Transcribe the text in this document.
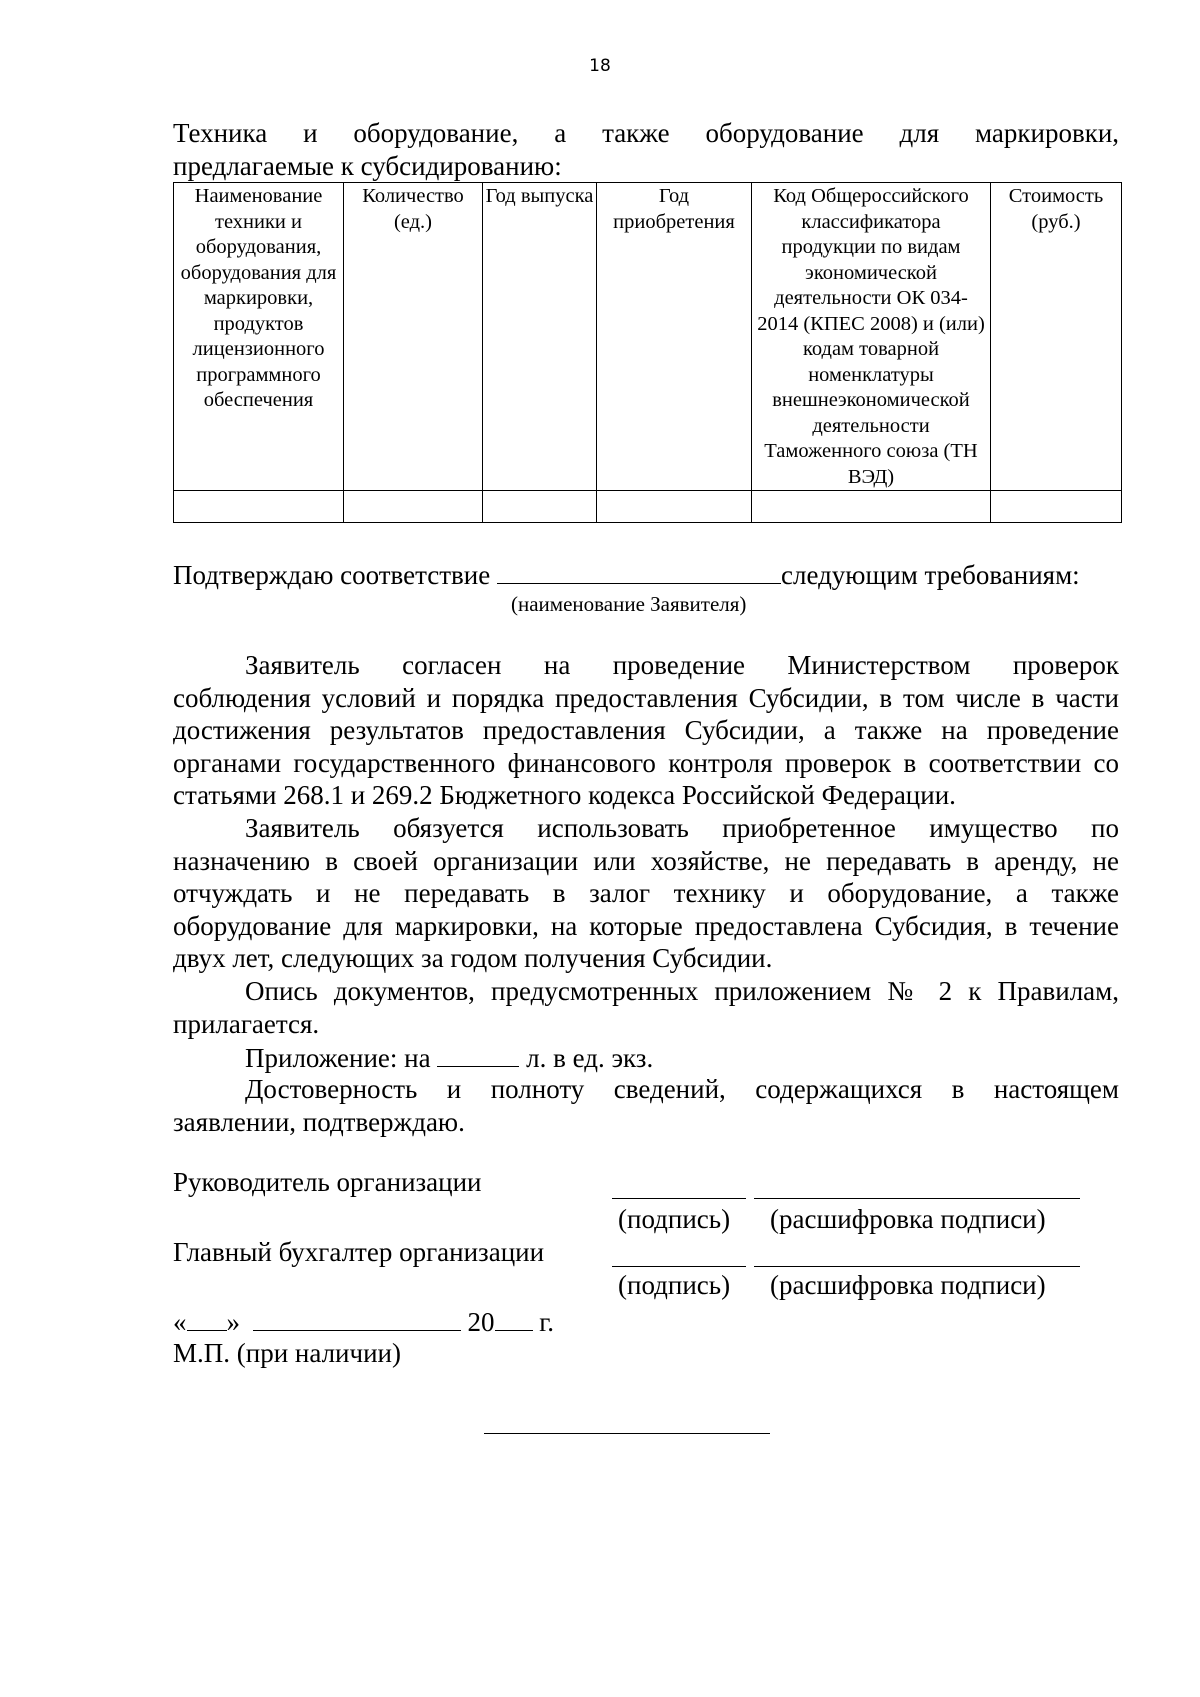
18
Техника и оборудование, а также оборудование для маркировки,
предлагаемые к субсидированию:
Наименование техники и оборудования, оборудования для маркировки, продуктов лицензионного программного обеспечения	Количество (ед.)	Год выпуска	Год приобретения	Код Общероссийского классификатора продукции по видам экономической деятельности ОК 034-2014 (КПЕС 2008) и (или) кодам товарной номенклатуры внешнеэкономической деятельности Таможенного союза (ТН ВЭД)	Стоимость (руб.)

Подтверждаю соответствие	следующим требованиям:
(наименование Заявителя)
Заявитель согласен на проведение Министерством проверок
соблюдения условий и порядка предоставления Субсидии, в том числе в части
достижения результатов предоставления Субсидии, а также на проведение
органами государственного финансового контроля проверок в соответствии со
статьями 268.1 и 269.2 Бюджетного кодекса Российской Федерации.
Заявитель обязуется использовать приобретенное имущество по
назначению в своей организации или хозяйстве, не передавать в аренду, не
отчуждать и не передавать в залог технику и оборудование, а также
оборудование для маркировки, на которые предоставлена Субсидия, в течение
двух лет, следующих за годом получения Субсидии.
Опись документов, предусмотренных приложением № 2 к Правилам,
прилагается.
Приложение: на	л. в ед. экз.
Достоверность и полноту сведений, содержащихся в настоящем
заявлении, подтверждаю.
Руководитель организации
(подпись) (расшифровка подписи)
Главный бухгалтер организации
(подпись) (расшифровка подписи)
« »	20 г.
М.П. (при наличии)
